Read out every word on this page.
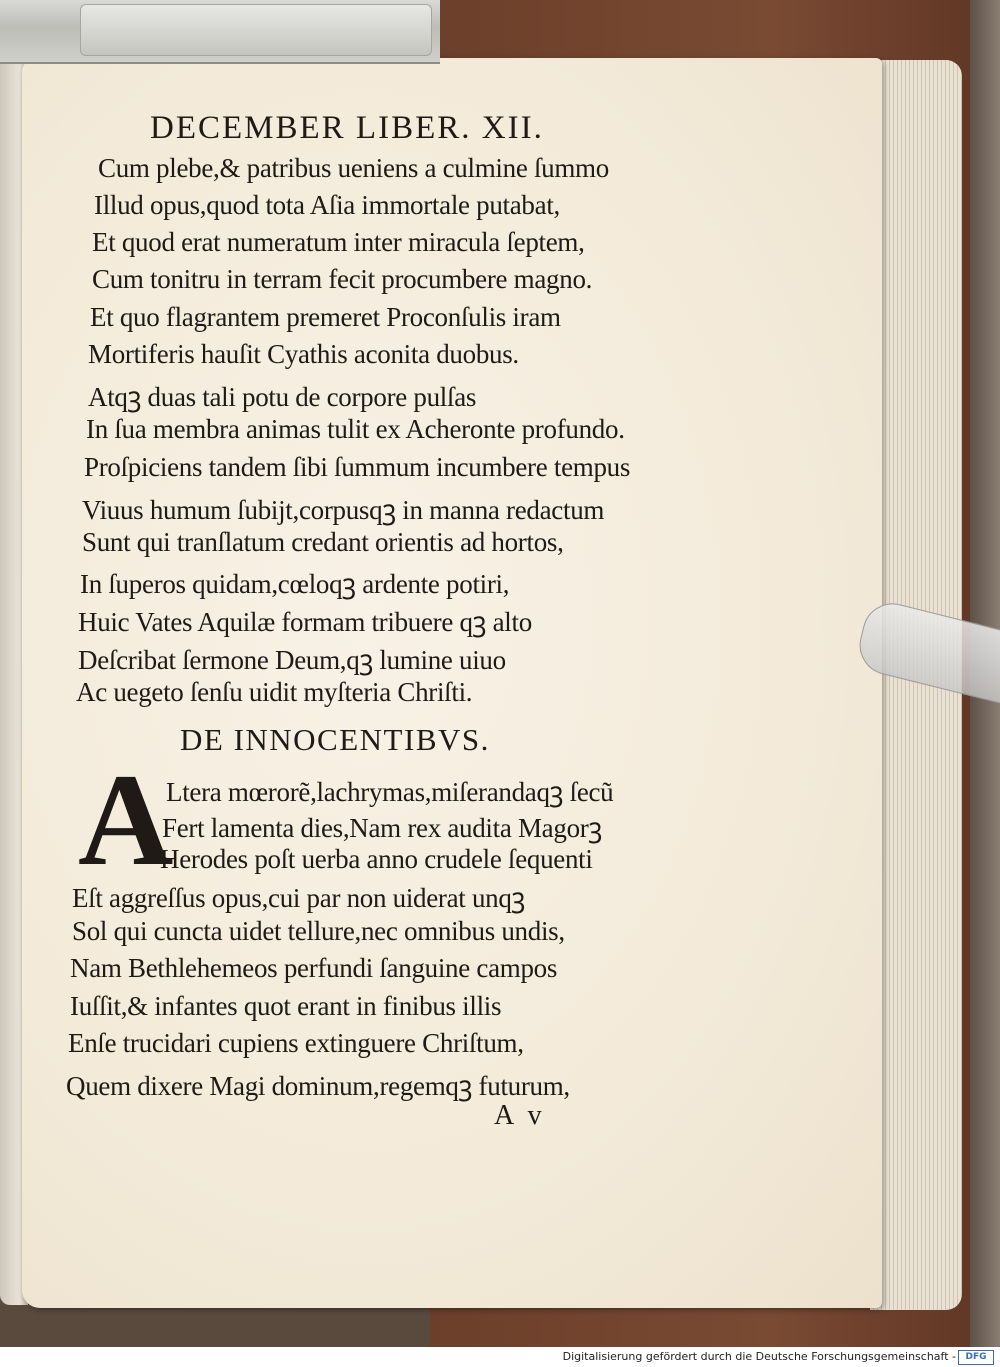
DECEMBER LIBER. XII.
Cum plebe,& patribus ueniens a culmine ſummo
Illud opus,quod tota Aſia immortale putabat,
Et quod erat numeratum inter miracula ſeptem,
Cum tonitru in terram fecit procumbere magno.
Et quo flagrantem premeret Proconſulis iram
Mortiferis hauſit Cyathis aconita duobus.
Atqꝫ duas tali potu de corpore pulſas
In ſua membra animas tulit ex Acheronte profundo.
Proſpiciens tandem ſibi ſummum incumbere tempus
Viuus humum ſubijt,corpusqꝫ in manna redactum
Sunt qui tranſlatum credant orientis ad hortos,
In ſuperos quidam,cœloqꝫ ardente potiri,
Huic Vates Aquilæ formam tribuere qꝫ alto
Deſcribat ſermone Deum,qꝫ lumine uiuo
Ac uegeto ſenſu uidit myſteria Chriſti.
DE INNOCENTIBVS.
A
Ltera mœrorẽ,lachrymas,miſerandaqꝫ ſecũ
Fert lamenta dies,Nam rex audita Magorꝫ
Herodes poſt uerba anno crudele ſequenti
Eſt aggreſſus opus,cui par non uiderat unqꝫ
Sol qui cuncta uidet tellure,nec omnibus undis,
Nam Bethlehemeos perfundi ſanguine campos
Iuſſit,& infantes quot erant in finibus illis
Enſe trucidari cupiens extinguere Chriſtum,
Quem dixere Magi dominum,regemqꝫ futurum,
A v
Digitalisierung gefördert durch die Deutsche Forschungsgemeinschaft -	DFG
